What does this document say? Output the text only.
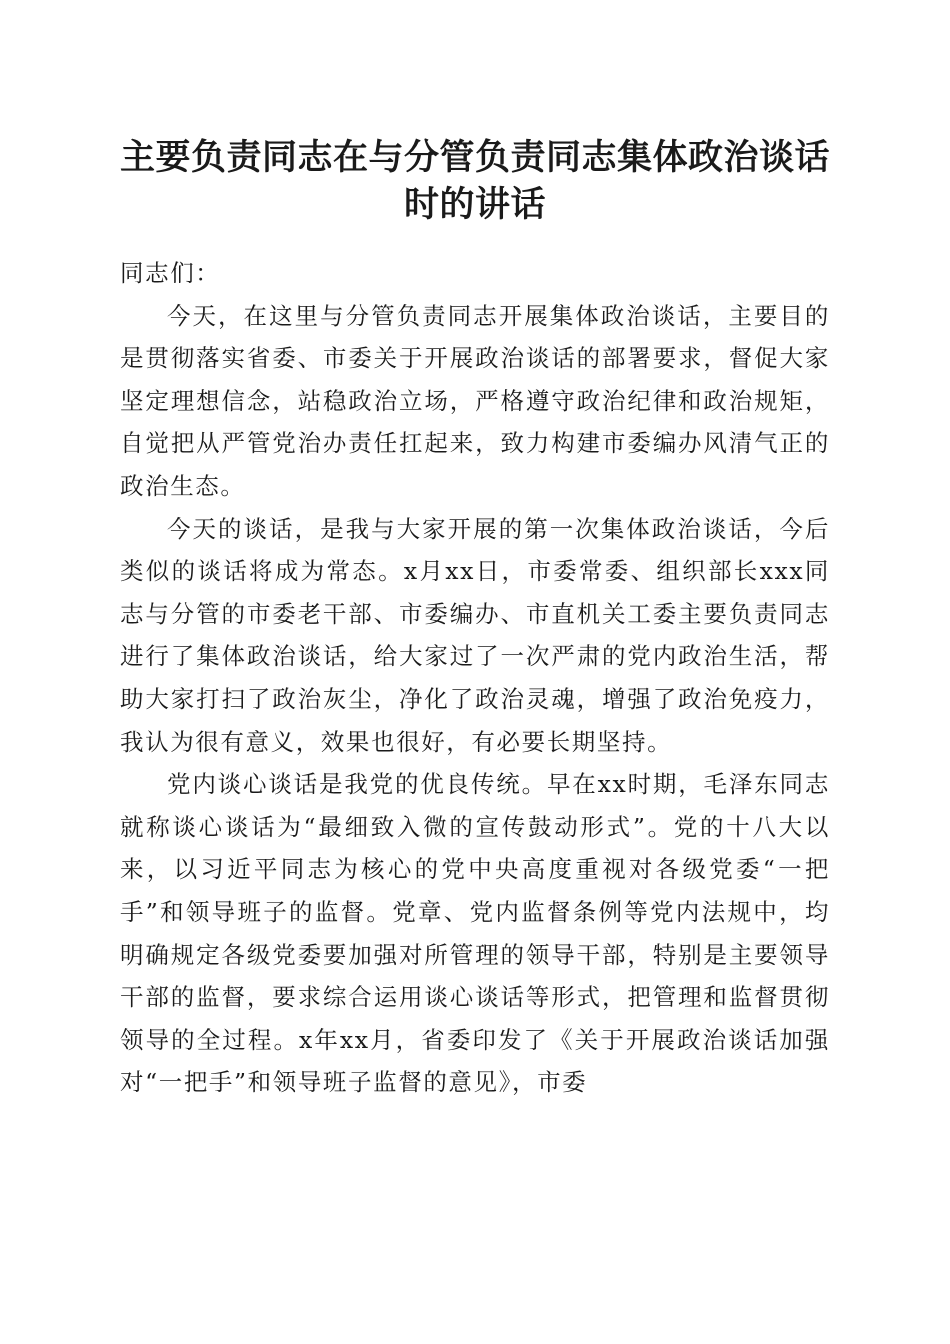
主要负责同志在与分管负责同志集体政治谈话
时的讲话

同志们：

今天，在这里与分管负责同志开展集体政治谈话，主要目的是贯彻落实省委、市委关于开展政治谈话的部署要求，督促大家坚定理想信念，站稳政治立场，严格遵守政治纪律和政治规矩，自觉把从严管党治办责任扛起来，致力构建市委编办风清气正的政治生态。

今天的谈话，是我与大家开展的第一次集体政治谈话，今后类似的谈话将成为常态。x月xx日，市委常委、组织部长xxx同志与分管的市委老干部、市委编办、市直机关工委主要负责同志进行了集体政治谈话，给大家过了一次严肃的党内政治生活，帮助大家打扫了政治灰尘，净化了政治灵魂，增强了政治免疫力，我认为很有意义，效果也很好，有必要长期坚持。

党内谈心谈话是我党的优良传统。早在xx时期，毛泽东同志就称谈心谈话为“最细致入微的宣传鼓动形式”。党的十八大以来，以习近平同志为核心的党中央高度重视对各级党委“一把手”和领导班子的监督。党章、党内监督条例等党内法规中，均明确规定各级党委要加强对所管理的领导干部，特别是主要领导干部的监督，要求综合运用谈心谈话等形式，把管理和监督贯彻领导的全过程。x年xx月，省委印发了《关于开展政治谈话加强对“一把手”和领导班子监督的意见》，市委
